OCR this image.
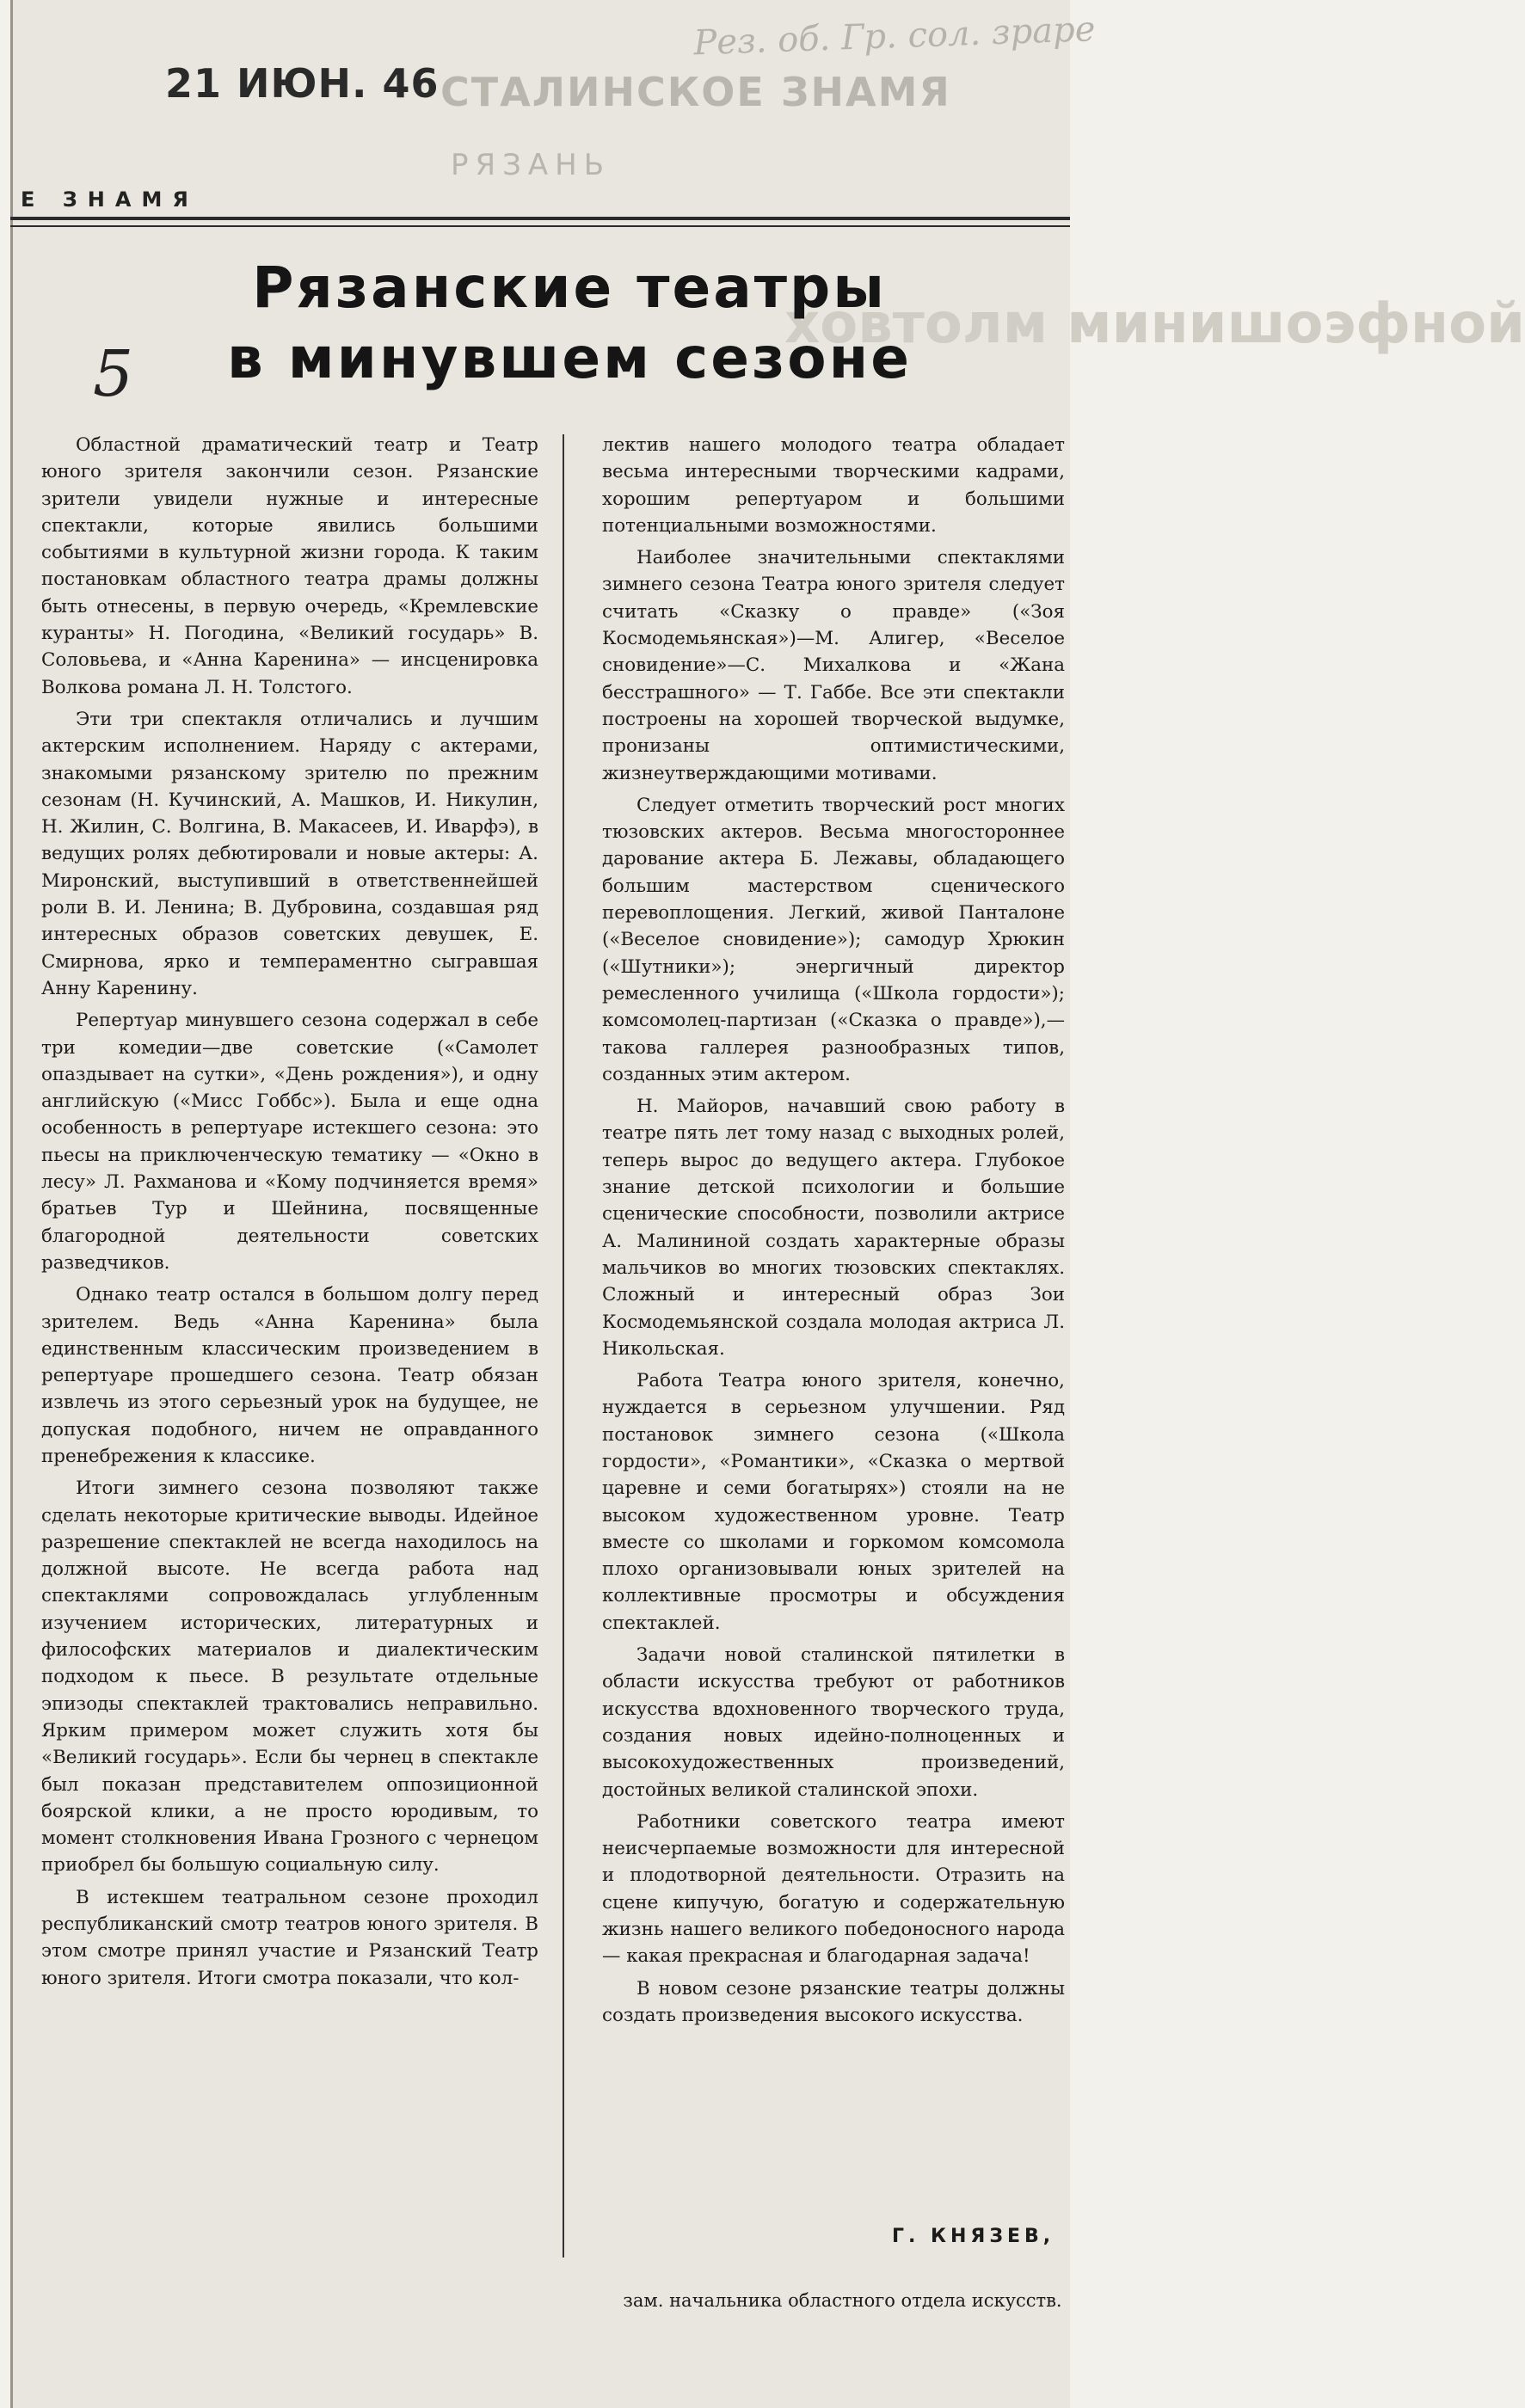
Рез. об. Гр. сол. зраре
21 ИЮН. 46 СТАЛИНСКОЕ ЗНАМЯ
РЯЗАНЬ
Е ЗНАМЯ
ховтолм минишоэфной
Рязанские театры
в минувшем сезоне
5

Областной драматический театр и Театр юного зрителя закончили сезон. Рязанские зрители увидели нужные и интересные спектакли, которые явились большими событиями в культурной жизни города. К таким постановкам областного театра драмы должны быть отнесены, в первую очередь, «Кремлевские куранты» Н. Погодина, «Великий государь» В. Соловьева, и «Анна Каренина» — инсценировка Волкова романа Л. Н. Толстого.

Эти три спектакля отличались и лучшим актерским исполнением. Наряду с актерами, знакомыми рязанскому зрителю по прежним сезонам (Н. Кучинский, А. Машков, И. Никулин, Н. Жилин, С. Волгина, В. Макасеев, И. Иварфэ), в ведущих ролях дебютировали и новые актеры: А. Миронский, выступивший в ответственнейшей роли В. И. Ленина; В. Дубровина, создавшая ряд интересных образов советских девушек, Е. Смирнова, ярко и темпераментно сыгравшая Анну Каренину.

Репертуар минувшего сезона содержал в себе три комедии—две советские («Самолет опаздывает на сутки», «День рождения»), и одну английскую («Мисс Гоббс»). Была и еще одна особенность в репертуаре истекшего сезона: это пьесы на приключенческую тематику — «Окно в лесу» Л. Рахманова и «Кому подчиняется время» братьев Тур и Шейнина, посвященные благородной деятельности советских разведчиков.

Однако театр остался в большом долгу перед зрителем. Ведь «Анна Каренина» была единственным классическим произведением в репертуаре прошедшего сезона. Театр обязан извлечь из этого серьезный урок на будущее, не допуская подобного, ничем не оправданного пренебрежения к классике.

Итоги зимнего сезона позволяют также сделать некоторые критические выводы. Идейное разрешение спектаклей не всегда находилось на должной высоте. Не всегда работа над спектаклями сопровождалась углубленным изучением исторических, литературных и философских материалов и диалектическим подходом к пьесе. В результате отдельные эпизоды спектаклей трактовались неправильно. Ярким примером может служить хотя бы «Великий государь». Если бы чернец в спектакле был показан представителем оппозиционной боярской клики, а не просто юродивым, то момент столкновения Ивана Грозного с чернецом приобрел бы большую социальную силу.

В истекшем театральном сезоне проходил республиканский смотр театров юного зрителя. В этом смотре принял участие и Рязанский Театр юного зрителя. Итоги смотра показали, что кол-

лектив нашего молодого театра обладает весьма интересными творческими кадрами, хорошим репертуаром и большими потенциальными возможностями.

Наиболее значительными спектаклями зимнего сезона Театра юного зрителя следует считать «Сказку о правде» («Зоя Космодемьянская»)—М. Алигер, «Веселое сновидение»—С. Михалкова и «Жана бесстрашного» — Т. Габбе. Все эти спектакли построены на хорошей творческой выдумке, пронизаны оптимистическими, жизнеутверждающими мотивами.

Следует отметить творческий рост многих тюзовских актеров. Весьма многостороннее дарование актера Б. Лежавы, обладающего большим мастерством сценического перевоплощения. Легкий, живой Панталоне («Веселое сновидение»); самодур Хрюкин («Шутники»); энергичный директор ремесленного училища («Школа гордости»); комсомолец-партизан («Сказка о правде»),—такова галлерея разнообразных типов, созданных этим актером.

Н. Майоров, начавший свою работу в театре пять лет тому назад с выходных ролей, теперь вырос до ведущего актера. Глубокое знание детской психологии и большие сценические способности, позволили актрисе А. Малининой создать характерные образы мальчиков во многих тюзовских спектаклях. Сложный и интересный образ Зои Космодемьянской создала молодая актриса Л. Никольская.

Работа Театра юного зрителя, конечно, нуждается в серьезном улучшении. Ряд постановок зимнего сезона («Школа гордости», «Романтики», «Сказка о мертвой царевне и семи богатырях») стояли на не высоком художественном уровне. Театр вместе со школами и горкомом комсомола плохо организовывали юных зрителей на коллективные просмотры и обсуждения спектаклей.

Задачи новой сталинской пятилетки в области искусства требуют от работников искусства вдохновенного творческого труда, создания новых идейно-полноценных и высокохудожественных произведений, достойных великой сталинской эпохи.

Работники советского театра имеют неисчерпаемые возможности для интересной и плодотворной деятельности. Отразить на сцене кипучую, богатую и содержательную жизнь нашего великого победоносного народа — какая прекрасная и благодарная задача!

В новом сезоне рязанские театры должны создать произведения высокого искусства.

Г. КНЯЗЕВ,
зам. начальника областного отдела искусств.
